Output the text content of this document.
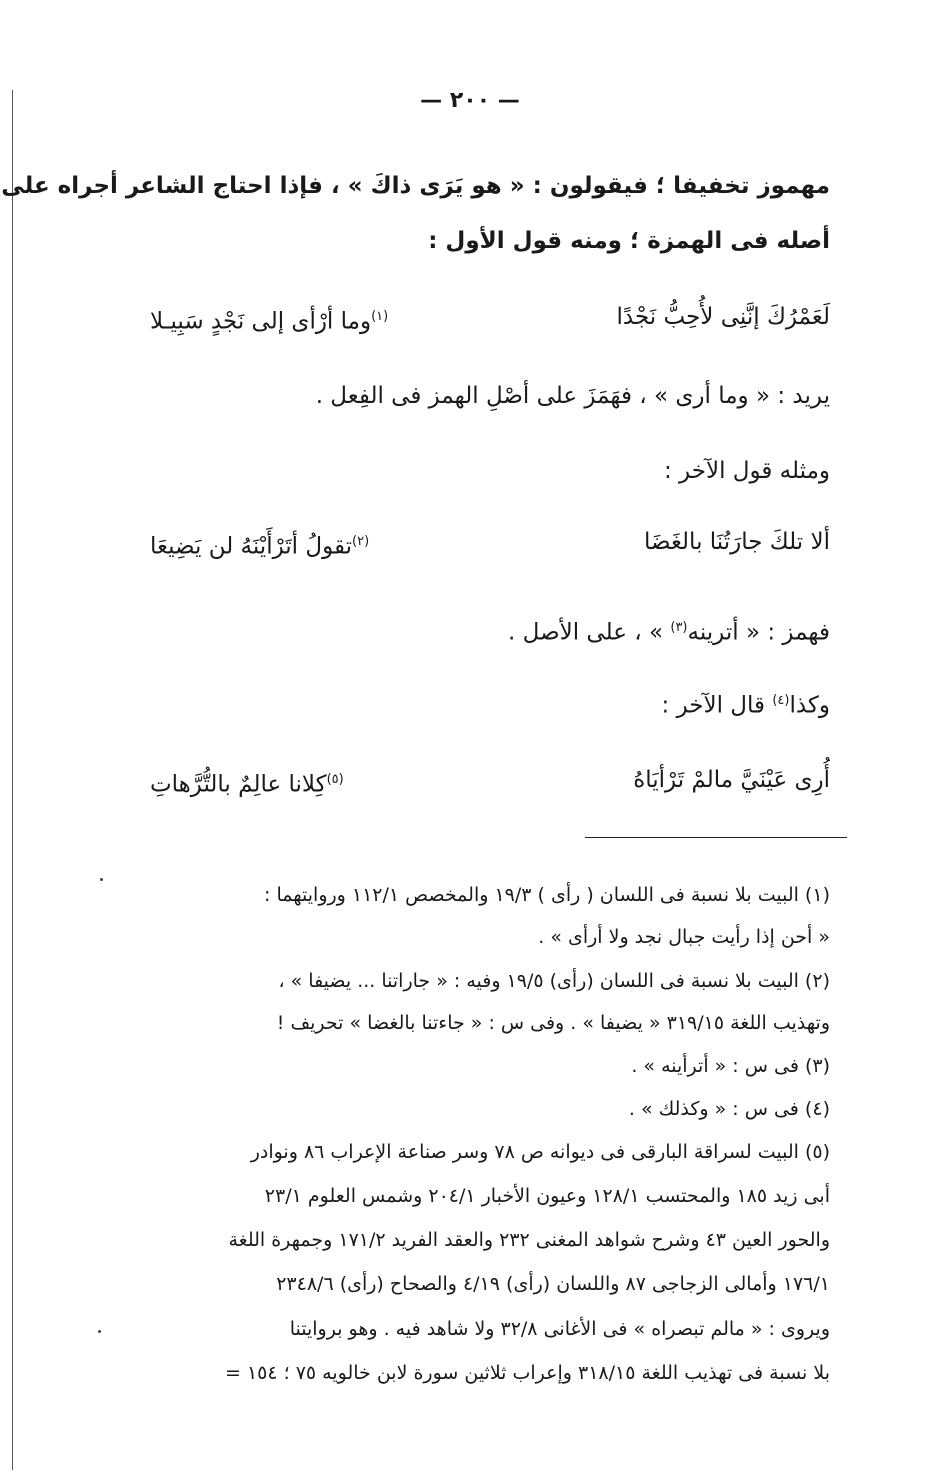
— ٢٠٠ —
مهموز تخفيفا ؛ فيقولون : « هو يَرَى ذاكَ » ، فإذا احتاج الشاعر أجراه على
أصله فى الهمزة ؛ ومنه قول الأول :
لَعَمْرُكَ إنَّنِى لأُحِبُّ نَجْدًا
$^{(١)}$وما أرْأى إلى نَجْدٍ سَبِيـلا
يريد : « وما أرى » ، فهَمَزَ على أصْلِ الهمز فى الفِعل .
ومثله قول الآخر :
ألا تلكَ جارَتُنَا بالغَضَا
$^{(٢)}$تقولُ أتَرْأَيْنَهُ لن يَضِيعَا
فهمز : « أترينه$^{(٣)}$ » ، على الأصل .
وكذا$^{(٤)}$ قال الآخر :
أُرِى عَيْنَيَّ مالمْ تَرْأيَاهُ
$^{(٥)}$كِلانا عالِمٌ بالتُّرَّهاتِ
(١) البيت بلا نسبة فى اللسان ( رأى ) ١٩/٣ والمخصص ١١٢/١ وروايتهما :
« أحن إذا رأيت جبال نجد ولا أرأى » .
(٢) البيت بلا نسبة فى اللسان (رأى) ١٩/٥ وفيه : « جاراتنا ... يضيفا » ،
وتهذيب اللغة ٣١٩/١٥ « يضيفا » . وفى س : « جاءتنا بالغضا » تحريف !
(٣) فى س : « أترأينه » .
(٤) فى س : « وكذلك » .
(٥) البيت لسراقة البارقى فى ديوانه ص ٧٨ وسر صناعة الإعراب ٨٦ ونوادر
أبى زيد ١٨٥ والمحتسب ١٢٨/١ وعيون الأخبار ٢٠٤/١ وشمس العلوم ٢٣/١
والحور العين ٤٣ وشرح شواهد المغنى ٢٣٢ والعقد الفريد ١٧١/٢ وجمهرة اللغة
١٧٦/١ وأمالى الزجاجى ٨٧ واللسان (رأى) ٤/١٩ والصحاح (رأى) ٢٣٤٨/٦
ويروى : « مالم تبصراه » فى الأغانى ٣٢/٨ ولا شاهد فيه . وهو بروايتنا
بلا نسبة فى تهذيب اللغة ٣١٨/١٥ وإعراب ثلاثين سورة لابن خالويه ٧٥ ؛ ١٥٤ =
